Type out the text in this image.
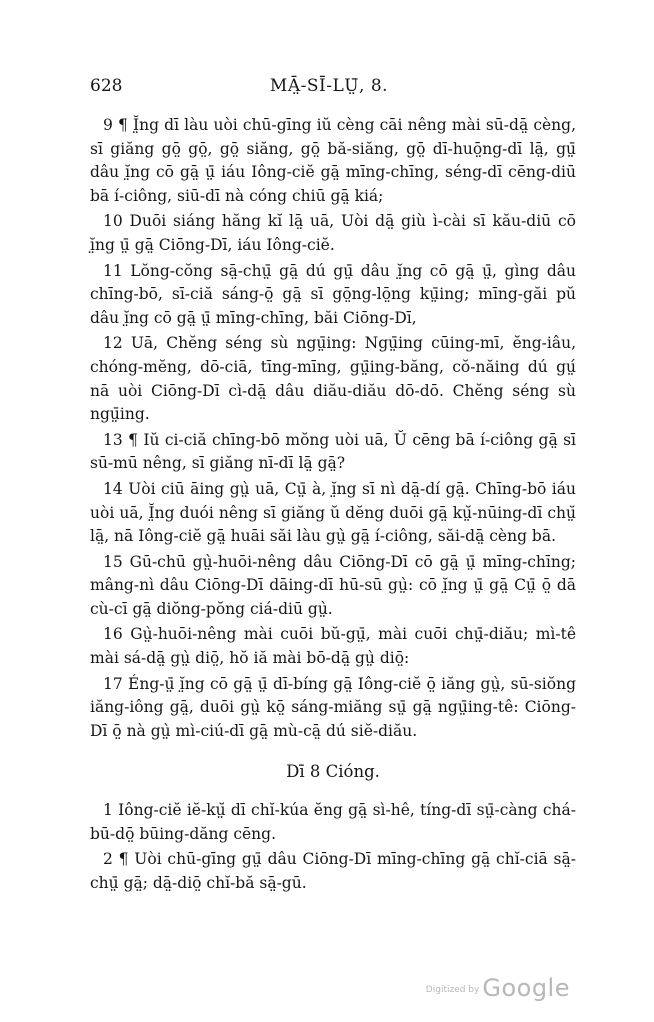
628	MĀ̤-SĪ-LṲ̄, 8.

9 ¶ Ĭ̤ng dī làu uòi chū-gīng iŭ cèng cāi nêng mài sū-dā̤ cèng, sī giăng gō̤ gō̤, gō̤ siăng, gō̤ bă-siăng, gō̤ dī-huō̤ng-dī lā̤, gṳ̄ dâu ĭ̤ng cō gā̤ ṳ̄ iáu Iông-ciĕ gā̤ mīng-chīng, séng-dī cēng-diū bā í-ciông, siū-dī nà cóng chiū gā̤ kiá;

10 Duōi siáng hăng kĭ lā̤ uā, Uòi dā̤ giù ì-cài sī kău-diū cō ĭ̤ng ṳ̄ gā̤ Ciōng-Dī, iáu Iông-ciĕ.

11 Lŏng-cŏng sā̤-chṳ̄ gā̤ dú gṳ̄ dâu ĭ̤ng cō gā̤ ṳ̄, gìng dâu chīng-bō, sī-ciă sáng-ō̤ gā̤ sī gō̤ng-lō̤ng kṳ̄ing; mīng-găi pŭ dâu ĭ̤ng cō gā̤ ṳ̄ mīng-chīng, băi Ciōng-Dī,

12 Uā, Chĕng séng sù ngṳ̄ing: Ngṳ̄ing cūing-mī, ĕng-iâu, chóng-mĕng, dō-ciā, tīng-mīng, gṳ̄ing-băng, cŏ-năing dú gṳ́ nā uòi Ciōng-Dī cì-dā̤ dâu diău-diău dō-dō. Chĕng séng sù ngṳ̄ing.

13 ¶ Iŭ ci-ciă chīng-bō mŏng uòi uā, Ŭ cēng bā í-ciông gā̤ sī sū-mū nêng, sī giăng nī-dī lā̤ gā̤?

14 Uòi ciū āing gṳ̀ uā, Cṳ̄ à, ĭ̤ng sī nì dā̤-dí gā̤. Chīng-bō iáu uòi uā, Ĭ̤ng duói nêng sī giăng ŭ dĕng duōi gā̤ kṳ̆-nūing-dī chṳ̆ lā̤, nā Iông-ciĕ gā̤ huāi săi làu gṳ̀ gā̤ í-ciông, săi-dā̤ cèng bā.

15 Gū-chū gṳ̀-huōi-nêng dâu Ciōng-Dī cō gā̤ ṳ̄ mīng-chīng; mâng-nì dâu Ciōng-Dī dāing-dī hū-sū gṳ̀: cō ĭ̤ng ṳ̄ gā̤ Cṳ̄ ō̤ dā cù-cī gā̤ diŏng-pŏng ciá-diū gṳ̀.

16 Gṳ̀-huōi-nêng mài cuōi bŭ-gṳ̄, mài cuōi chṳ̄-diău; mì-tê mài sá-dā̤ gṳ̀ diō̤, hŏ iă mài bō-dā̤ gṳ̀ diō̤:

17 Éng-ṳ̄ ĭ̤ng cō gā̤ ṳ̄ dī-bíng gā̤ Iông-ciĕ ō̤ iăng gṳ̀, sū-siŏng iăng-iông gā̤, duōi gṳ̀ kō̤ sáng-miăng sṳ̄ gā̤ ngṳ̄ing-tê: Ciōng-Dī ō̤ nà gṳ̀ mì-ciú-dī gā̤ mù-cā̤ dú siĕ-diău.

Dī 8 Cióng.

1 Iông-ciĕ iĕ-kṳ̆ dī chĭ-kúa ĕng gā̤ sì-hê, tíng-dī sṳ̄-càng chá-bū-dō̤ būing-dăng cēng.

2 ¶ Uòi chū-gīng gṳ̄ dâu Ciōng-Dī mīng-chīng gā̤ chĭ-ciā sā̤-chṳ̄ gā̤; dā̤-diō̤ chĭ-bă sā̤-gū.

$^{Digitized by}$ Google
